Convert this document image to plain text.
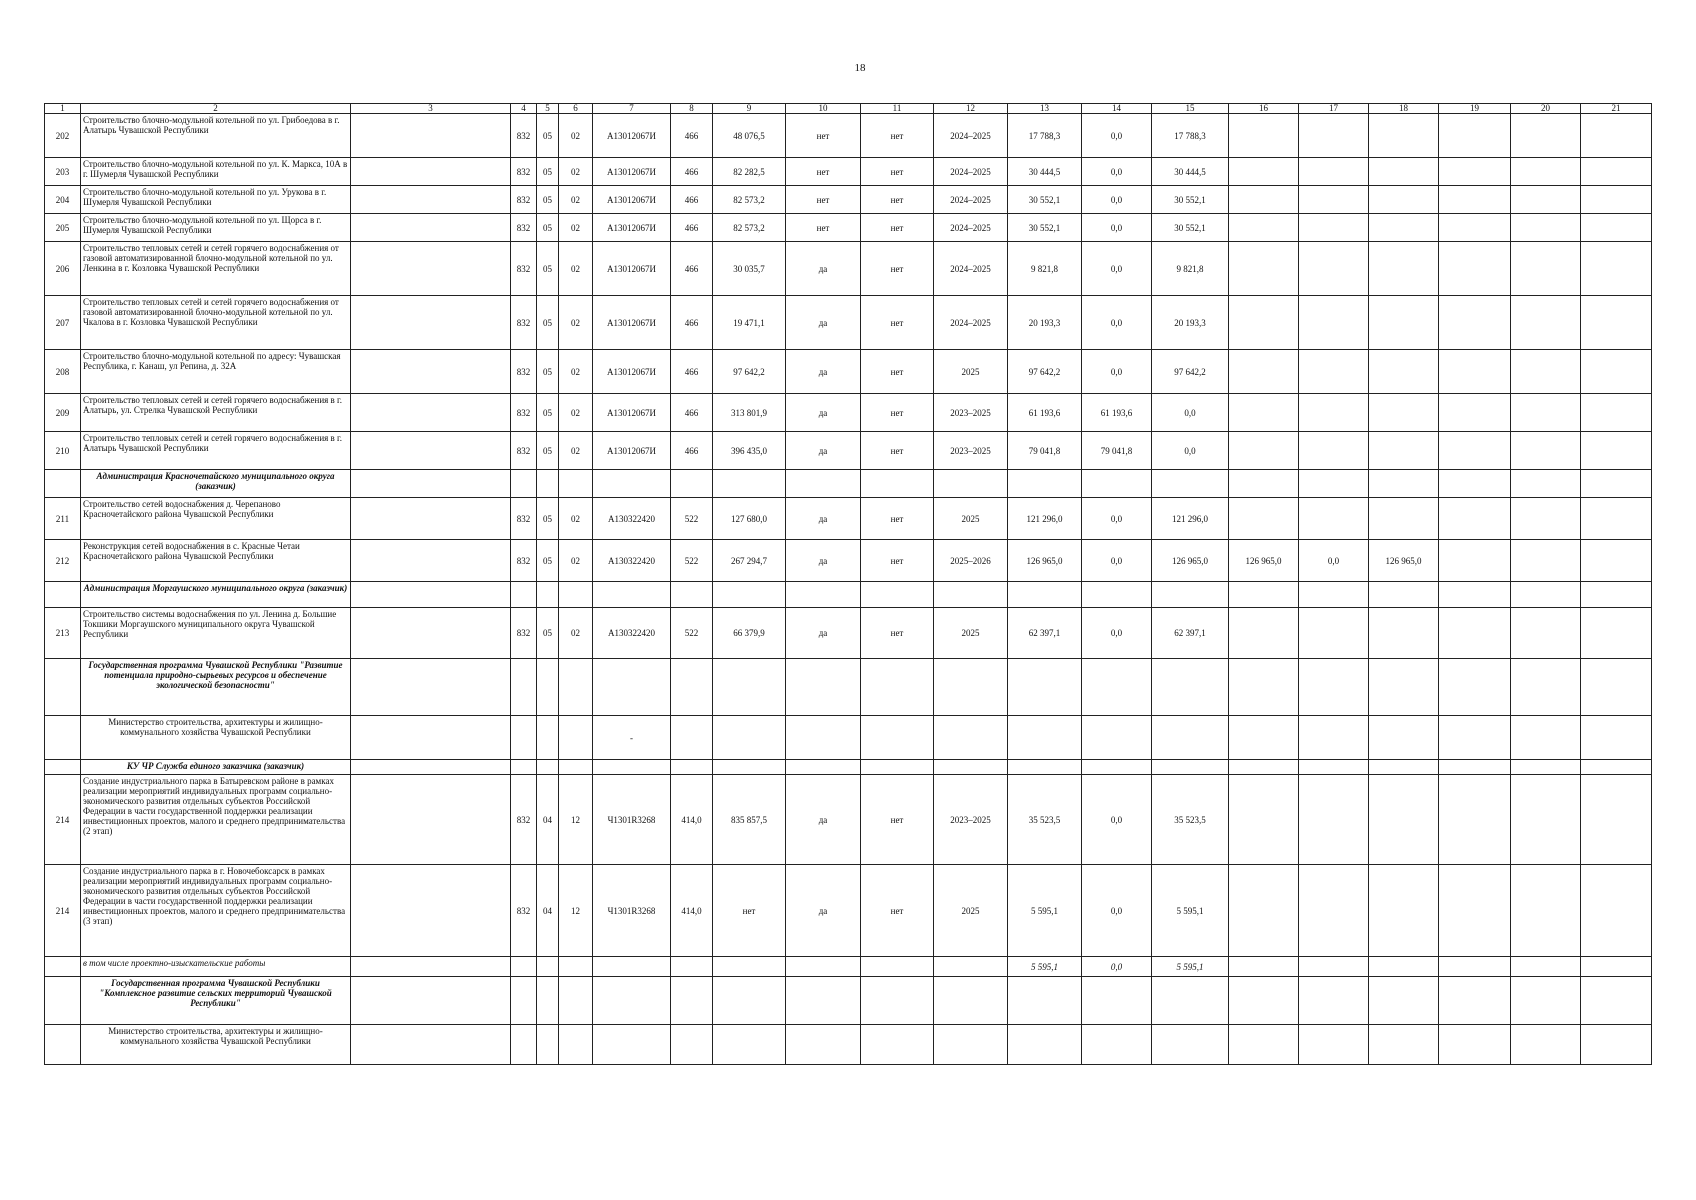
18
1	2	3	4	5	6	7	8	9	10	11	12	13	14	15	16	17	18	19	20	21
202	Строительство блочно-модульной котельной по ул. Грибоедова в г. Алатырь Чувашской Республики		832	05	02	А13012067И	466	48 076,5	нет	нет	2024–2025	17 788,3	0,0	17 788,3						
203	Строительство блочно-модульной котельной по ул. К. Маркса, 10А в г. Шумерля Чувашской Республики		832	05	02	А13012067И	466	82 282,5	нет	нет	2024–2025	30 444,5	0,0	30 444,5						
204	Строительство блочно-модульной котельной по ул. Урукова в г. Шумерля Чувашской Республики		832	05	02	А13012067И	466	82 573,2	нет	нет	2024–2025	30 552,1	0,0	30 552,1						
205	Строительство блочно-модульной котельной по ул. Щорса в г. Шумерля Чувашской Республики		832	05	02	А13012067И	466	82 573,2	нет	нет	2024–2025	30 552,1	0,0	30 552,1						
206	Строительство тепловых сетей и сетей горячего водоснабжения от газовой автоматизированной блочно-модульной котельной по ул. Ленкина в г. Козловка Чувашской Республики		832	05	02	А13012067И	466	30 035,7	да	нет	2024–2025	9 821,8	0,0	9 821,8						
207	Строительство тепловых сетей и сетей горячего водоснабжения от газовой автоматизированной блочно-модульной котельной по ул. Чкалова в г. Козловка Чувашской Республики		832	05	02	А13012067И	466	19 471,1	да	нет	2024–2025	20 193,3	0,0	20 193,3						
208	Строительство блочно-модульной котельной по адресу: Чувашская Республика, г. Канаш, ул Репина, д. 32А		832	05	02	А13012067И	466	97 642,2	да	нет	2025	97 642,2	0,0	97 642,2						
209	Строительство тепловых сетей и сетей горячего водоснабжения в г. Алатырь, ул. Стрелка Чувашской Республики		832	05	02	А13012067И	466	313 801,9	да	нет	2023–2025	61 193,6	61 193,6	0,0						
210	Строительство тепловых сетей и сетей горячего водоснабжения в г. Алатырь Чувашской Республики		832	05	02	А13012067И	466	396 435,0	да	нет	2023–2025	79 041,8	79 041,8	0,0						
	Администрация Красночетайского муниципального округа (заказчик)																			
211	Строительство сетей водоснабжения д. Черепаново Красночетайского района Чувашской Республики		832	05	02	А130322420	522	127 680,0	да	нет	2025	121 296,0	0,0	121 296,0						
212	Реконструкция сетей водоснабжения в с. Красные Четаи Красночетайского района Чувашской Республики		832	05	02	А130322420	522	267 294,7	да	нет	2025–2026	126 965,0	0,0	126 965,0	126 965,0	0,0	126 965,0			
	Администрация Моргаушского муниципального округа (заказчик)																			
213	Строительство системы водоснабжения по ул. Ленина д. Большие Токшики Моргаушского муниципального округа Чувашской Республики		832	05	02	А130322420	522	66 379,9	да	нет	2025	62 397,1	0,0	62 397,1						
	Государственная программа Чувашской Республики "Развитие потенциала природно-сырьевых ресурсов и обеспечение экологической безопасности"																			
	Министерство строительства, архитектуры и жилищно-коммунального хозяйства Чувашской Республики					-														
	КУ ЧР Служба единого заказчика (заказчик)																			
214	Создание индустриального парка в Батыревском районе в рамках реализации мероприятий индивидуальных программ социально-экономического развития отдельных субъектов Российской Федерации в части государственной поддержки реализации инвестиционных проектов, малого и среднего предпринимательства (2 этап)		832	04	12	Ч1301R3268	414,0	835 857,5	да	нет	2023–2025	35 523,5	0,0	35 523,5						
214	Создание индустриального парка в г. Новочебоксарск в рамках реализации мероприятий индивидуальных программ социально-экономического развития отдельных субъектов Российской Федерации в части государственной поддержки реализации инвестиционных проектов, малого и среднего предпринимательства (3 этап)		832	04	12	Ч1301R3268	414,0	нет	да	нет	2025	5 595,1	0,0	5 595,1						
	в том числе проектно-изыскательские работы											5 595,1	0,0	5 595,1						
	Государственная программа Чувашской Республики "Комплексное развитие сельских территорий Чувашской Республики"																			
	Министерство строительства, архитектуры и жилищно-коммунального хозяйства Чувашской Республики																			
